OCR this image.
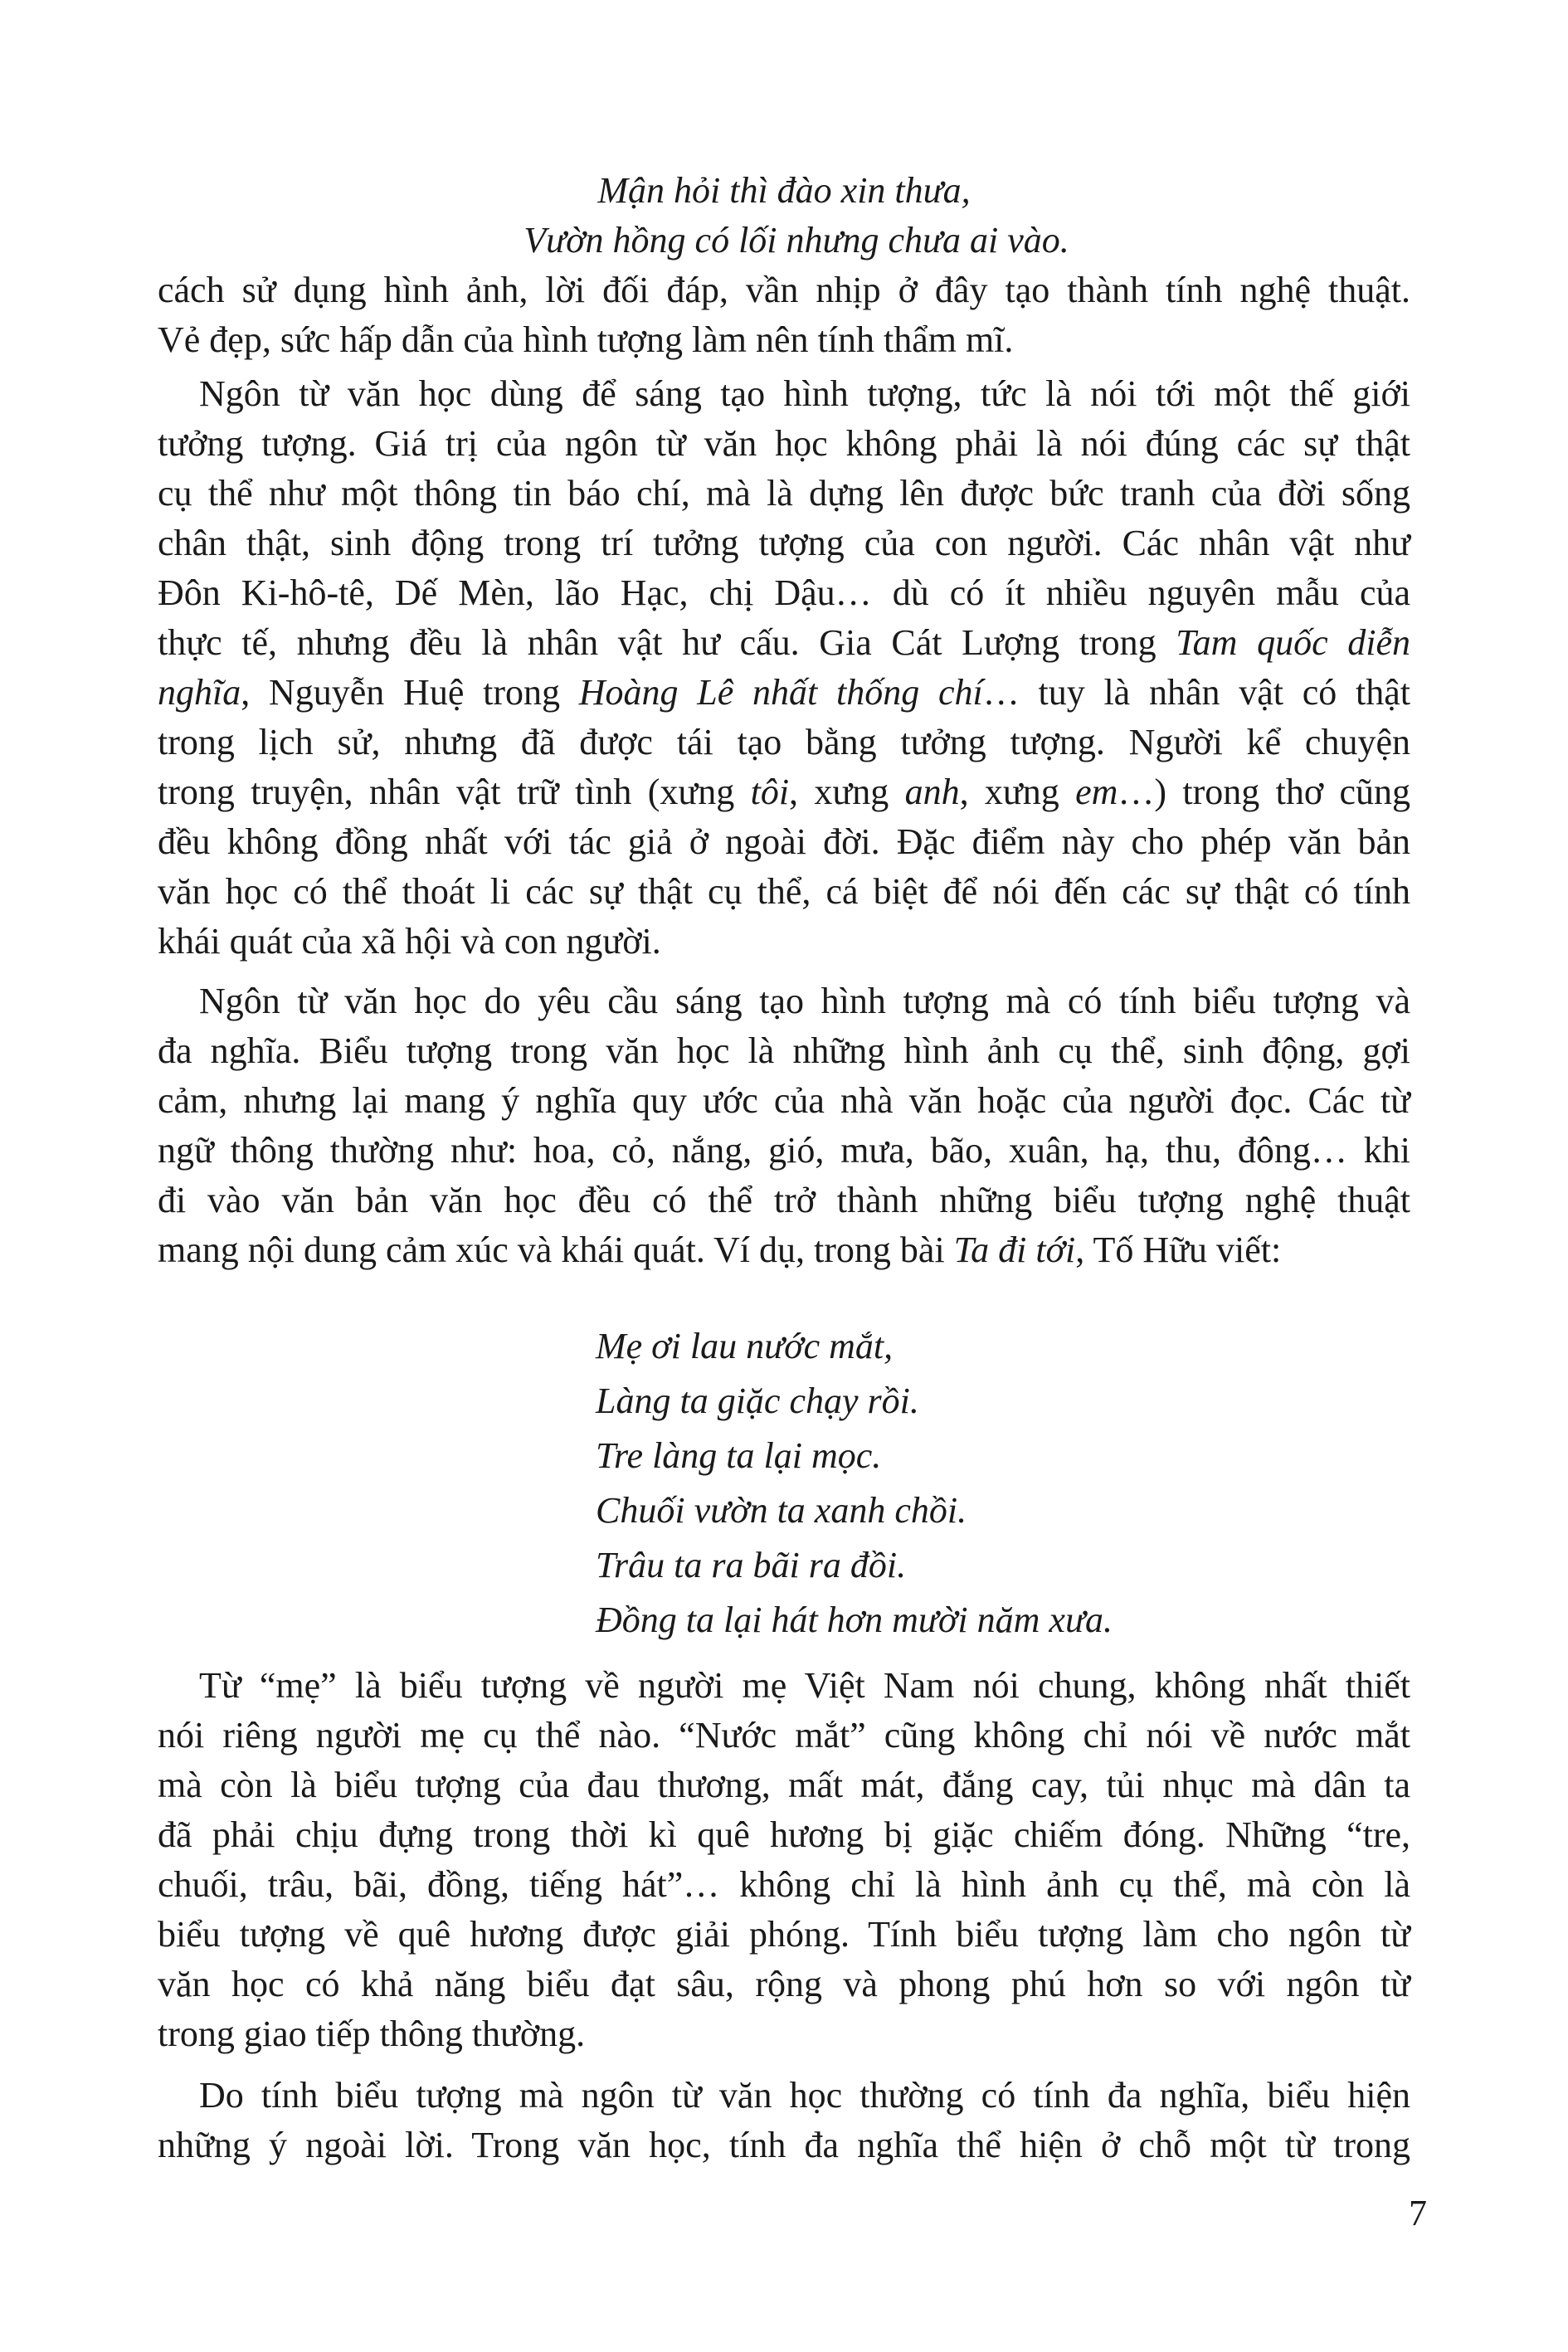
Mận hỏi thì đào xin thưa,
Vườn hồng có lối nhưng chưa ai vào.
cách sử dụng hình ảnh, lời đối đáp, vần nhịp ở đây tạo thành tính nghệ thuật.
Vẻ đẹp, sức hấp dẫn của hình tượng làm nên tính thẩm mĩ.
Ngôn từ văn học dùng để sáng tạo hình tượng, tức là nói tới một thế giới
tưởng tượng. Giá trị của ngôn từ văn học không phải là nói đúng các sự thật
cụ thể như một thông tin báo chí, mà là dựng lên được bức tranh của đời sống
chân thật, sinh động trong trí tưởng tượng của con người. Các nhân vật như
Đôn Ki-hô-tê, Dế Mèn, lão Hạc, chị Dậu… dù có ít nhiều nguyên mẫu của
thực tế, nhưng đều là nhân vật hư cấu. Gia Cát Lượng trong Tam quốc diễn
nghĩa, Nguyễn Huệ trong Hoàng Lê nhất thống chí… tuy là nhân vật có thật
trong lịch sử, nhưng đã được tái tạo bằng tưởng tượng. Người kể chuyện
trong truyện, nhân vật trữ tình (xưng tôi, xưng anh, xưng em…) trong thơ cũng
đều không đồng nhất với tác giả ở ngoài đời. Đặc điểm này cho phép văn bản
văn học có thể thoát li các sự thật cụ thể, cá biệt để nói đến các sự thật có tính
khái quát của xã hội và con người.
Ngôn từ văn học do yêu cầu sáng tạo hình tượng mà có tính biểu tượng và
đa nghĩa. Biểu tượng trong văn học là những hình ảnh cụ thể, sinh động, gợi
cảm, nhưng lại mang ý nghĩa quy ước của nhà văn hoặc của người đọc. Các từ
ngữ thông thường như: hoa, cỏ, nắng, gió, mưa, bão, xuân, hạ, thu, đông… khi
đi vào văn bản văn học đều có thể trở thành những biểu tượng nghệ thuật
mang nội dung cảm xúc và khái quát. Ví dụ, trong bài Ta đi tới, Tố Hữu viết:
Mẹ ơi lau nước mắt,
Làng ta giặc chạy rồi.
Tre làng ta lại mọc.
Chuối vườn ta xanh chồi.
Trâu ta ra bãi ra đồi.
Đồng ta lại hát hơn mười năm xưa.
Từ “mẹ” là biểu tượng về người mẹ Việt Nam nói chung, không nhất thiết
nói riêng người mẹ cụ thể nào. “Nước mắt” cũng không chỉ nói về nước mắt
mà còn là biểu tượng của đau thương, mất mát, đắng cay, tủi nhục mà dân ta
đã phải chịu đựng trong thời kì quê hương bị giặc chiếm đóng. Những “tre,
chuối, trâu, bãi, đồng, tiếng hát”… không chỉ là hình ảnh cụ thể, mà còn là
biểu tượng về quê hương được giải phóng. Tính biểu tượng làm cho ngôn từ
văn học có khả năng biểu đạt sâu, rộng và phong phú hơn so với ngôn từ
trong giao tiếp thông thường.
Do tính biểu tượng mà ngôn từ văn học thường có tính đa nghĩa, biểu hiện
những ý ngoài lời. Trong văn học, tính đa nghĩa thể hiện ở chỗ một từ trong
7
